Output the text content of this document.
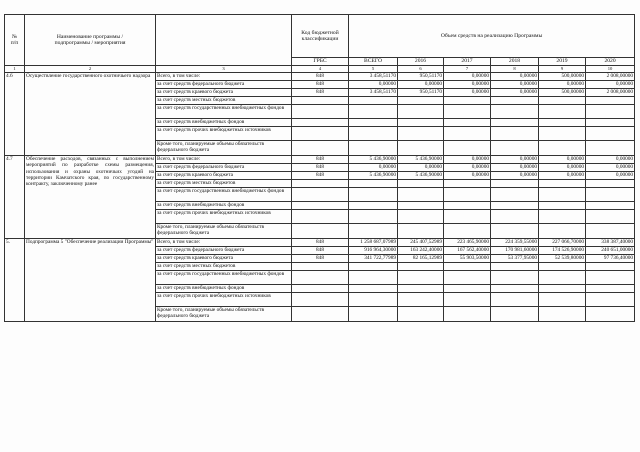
№
п/п	Наименование программы /
подпрограммы / мероприятия		Код бюджетной
классификации	Объем средств на реализацию Программы					
			ГРБС	ВСЕГО	2016	2017	2018	2019	2020
1	2	3	4	5	6	7	8	9	10
4.6	Осуществление государственного охотничьего надзора	Всего, в том числе:	848	3 458,51170	950,51170	0,00000	0,00000	500,00000	2 008,00000
		за счет средств федерального бюджета	848	0,00000	0,00000	0,00000	0,00000	0,00000	0,00000
		за счет средств краевого бюджета	848	3 458,51170	950,51170	0,00000	0,00000	500,00000	2 008,00000
		за счет средств местных бюджетов							
		за счет средств государственных внебюджетных фондов							
		за счет средств внебюджетных фондов							
		за счет средств прочих внебюджетных источников							
		Кроме того, планируемые объемы обязательств федерального бюджета							
4.7	Обеспечение расходов, связанных с выполнением мероприятий по разработке схемы размещения, использования и охраны охотничьих угодий на территории Камчатского края, по государственному контракту, заключенному ранее	Всего, в том числе:	848	5 436,90000	5 436,90000	0,00000	0,00000	0,00000	0,00000
		за счет средств федерального бюджета	848	0,00000	0,00000	0,00000	0,00000	0,00000	0,00000
		за счет средств краевого бюджета	848	5 436,90000	5 436,90000	0,00000	0,00000	0,00000	0,00000
		за счет средств местных бюджетов							
		за счет средств государственных внебюджетных фондов							
		за счет средств внебюджетных фондов							
		за счет средств прочих внебюджетных источников							
		Кроме того, планируемые объемы обязательств федерального бюджета							
5.	Подпрограмма 5 "Обеспечение реализации Программы"	Всего, в том числе:	848	1 258 687,07989	245 407,52989	223 465,90000	224 359,55000	227 066,70000	338 387,40000
		за счет средств федерального бюджета	848	916 964,30000	163 242,40000	167 562,40000	170 981,60000	174 526,90000	240 651,00000
		за счет средств краевого бюджета	848	341 722,77989	82 165,12989	55 903,50000	53 377,95000	52 539,80000	97 736,40000
		за счет средств местных бюджетов							
		за счет средств государственных внебюджетных фондов							
		за счет средств внебюджетных фондов							
		за счет средств прочих внебюджетных источников							
		Кроме того, планируемые объемы обязательств федерального бюджета							
